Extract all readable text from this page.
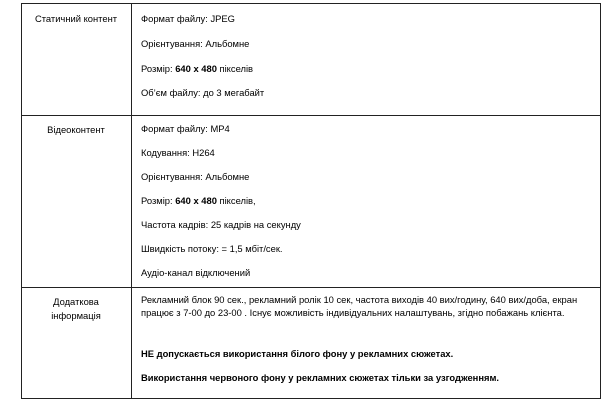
Статичний контент	Формат файлу: JPEG
Орієнтування: Альбомне
Розмір: 640 x 480 пікселів
Об’єм файлу: до 3 мегабайт
Відеоконтент	Формат файлу: MP4
Кодування: H264
Орієнтування: Альбомне
Розмір: 640 x 480 пікселів,
Частота кадрів: 25 кадрів на секунду
Швидкість потоку: = 1,5 мбіт/сек.
Аудіо-канал відключений
Додаткова
інформація
Рекламний блок 90 сек., рекламний ролік 10 сек, частота виходів 40 вих/годину, 640 вих/доба, екран працює з 7-00 до 23-00 . Існує можливість індивідуальних налаштувань, згідно побажань клієнта.
НЕ допускається використання білого фону у рекламних сюжетах.
Використання червоного фону у рекламних сюжетах тільки за узгодженням.
